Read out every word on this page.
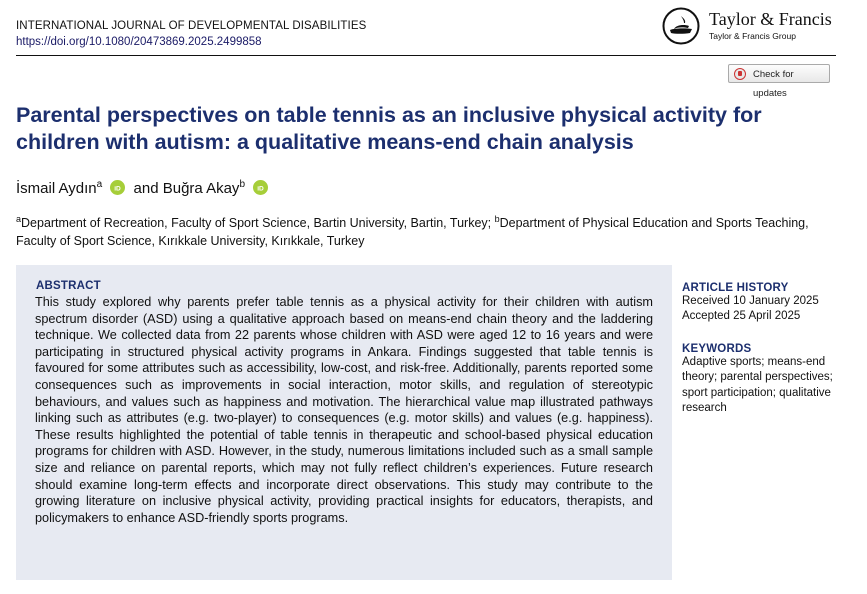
INTERNATIONAL JOURNAL OF DEVELOPMENTAL DISABILITIES
https://doi.org/10.1080/20473869.2025.2499858
Taylor & Francis
Taylor & Francis Group
Check for updates
Parental perspectives on table tennis as an inclusive physical activity for children with autism: a qualitative means-end chain analysis
İsmail Aydın$^a$ iD and Buğra Akay$^b$ iD
$^a$Department of Recreation, Faculty of Sport Science, Bartin University, Bartin, Turkey; $^b$Department of Physical Education and Sports Teaching, Faculty of Sport Science, Kırıkkale University, Kırıkkale, Turkey
ABSTRACT
This study explored why parents prefer table tennis as a physical activity for their children with autism spectrum disorder (ASD) using a qualitative approach based on means-end chain theory and the laddering technique. We collected data from 22 parents whose children with ASD were aged 12 to 16 years and were participating in structured physical activity programs in Ankara. Findings suggested that table tennis is favoured for some attributes such as accessibility, low-cost, and risk-free. Additionally, parents reported some consequences such as improvements in social interaction, motor skills, and regulation of stereotypic behaviours, and values such as happiness and motivation. The hierarchical value map illustrated pathways linking such as attributes (e.g. two-player) to consequences (e.g. motor skills) and values (e.g. happiness). These results highlighted the potential of table tennis in therapeutic and school-based physical education programs for children with ASD. However, in the study, numerous limitations included such as a small sample size and reliance on parental reports, which may not fully reflect children’s experiences. Future research should examine long-term effects and incorporate direct observations. This study may contribute to the growing literature on inclusive physical activity, providing practical insights for educators, therapists, and policymakers to enhance ASD-friendly sports programs.
ARTICLE HISTORY
Received 10 January 2025
Accepted 25 April 2025
KEYWORDS
Adaptive sports; means-end theory; parental perspectives; sport participation; qualitative research
